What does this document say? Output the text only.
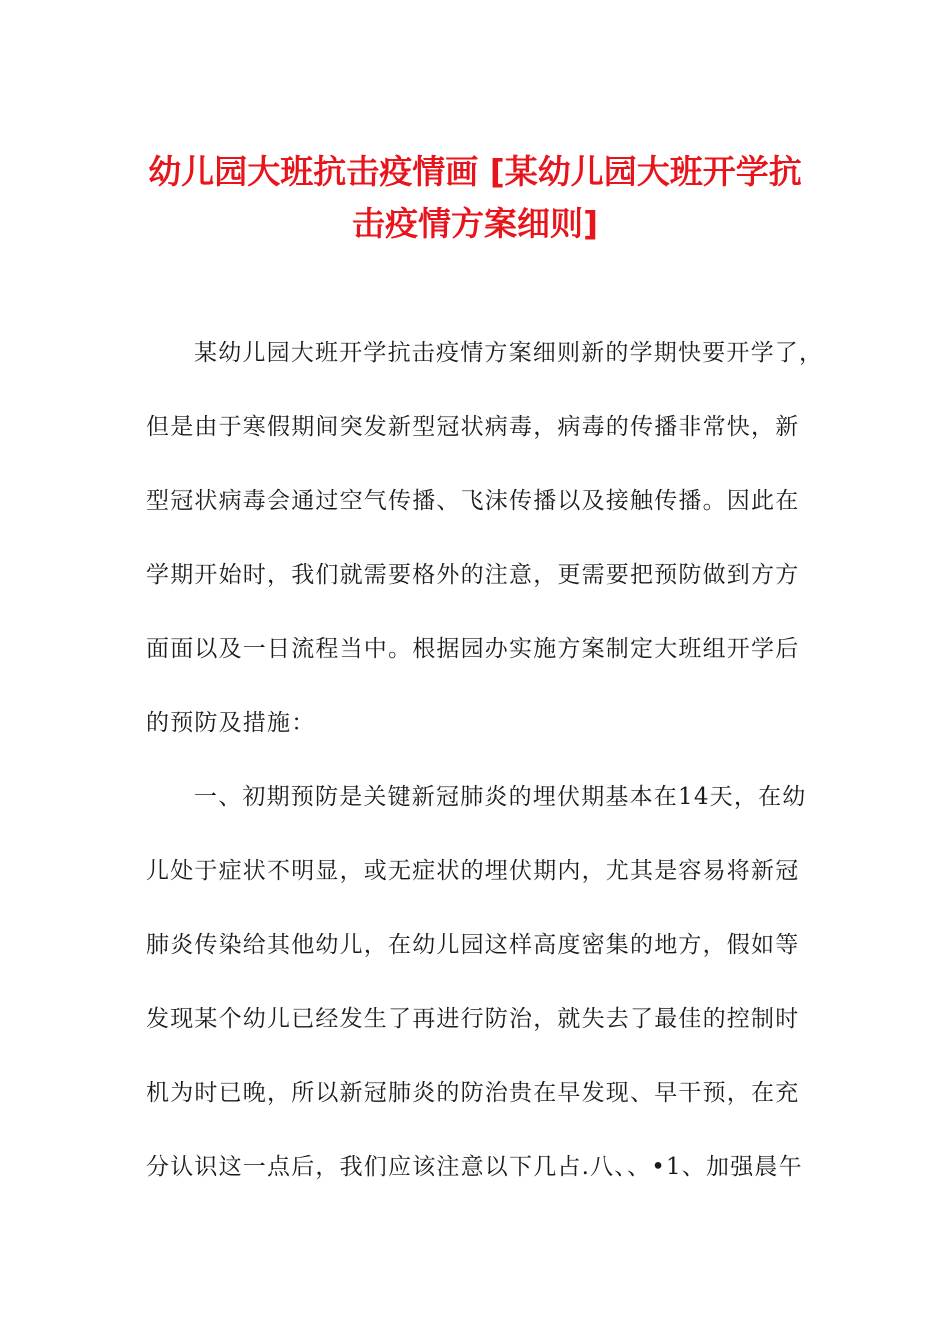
幼儿园大班抗击疫情画 [某幼儿园大班开学抗
击疫情方案细则]
某幼儿园大班开学抗击疫情方案细则新的学期快要开学了，
但是由于寒假期间突发新型冠状病毒，病毒的传播非常快，新
型冠状病毒会通过空气传播、飞沫传播以及接触传播。因此在
学期开始时，我们就需要格外的注意，更需要把预防做到方方
面面以及一日流程当中。根据园办实施方案制定大班组开学后
的预防及措施：
一、初期预防是关键新冠肺炎的埋伏期基本在14天，在幼
儿处于症状不明显，或无症状的埋伏期内，尤其是容易将新冠
肺炎传染给其他幼儿，在幼儿园这样高度密集的地方，假如等
发现某个幼儿已经发生了再进行防治，就失去了最佳的控制时
机为时已晚，所以新冠肺炎的防治贵在早发现、早干预，在充
分认识这一点后，我们应该注意以下几占.八、、•1、加强晨午
